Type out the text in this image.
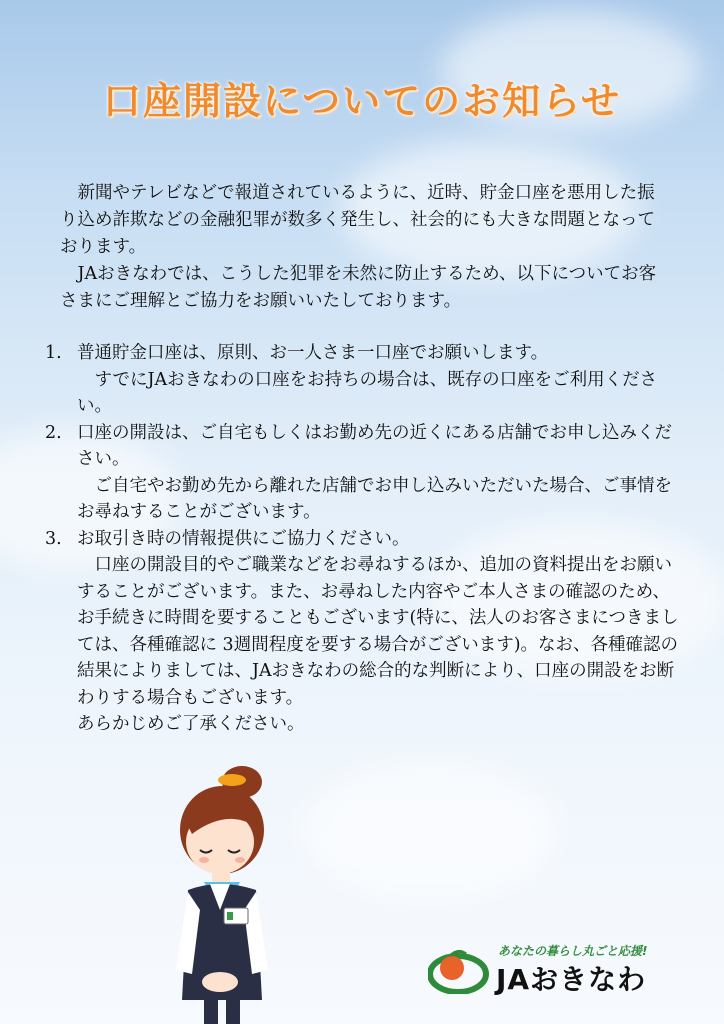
口座開設についてのお知らせ

新聞やテレビなどで報道されているように、近時、貯金口座を悪用した振り込め詐欺などの金融犯罪が数多く発生し、社会的にも大きな問題となっております。

JAおきなわでは、こうした犯罪を未然に防止するため、以下についてお客さまにご理解とご協力をお願いいたしております。

1. 普通貯金口座は、原則、お一人さま一口座でお願いします。

すでにJAおきなわの口座をお持ちの場合は、既存の口座をご利用ください。

2. 口座の開設は、ご自宅もしくはお勤め先の近くにある店舗でお申し込みください。

ご自宅やお勤め先から離れた店舗でお申し込みいただいた場合、ご事情をお尋ねすることがございます。

3. お取引き時の情報提供にご協力ください。

口座の開設目的やご職業などをお尋ねするほか、追加の資料提出をお願いすることがございます。また、お尋ねした内容やご本人さまの確認のため、お手続きに時間を要することもございます(特に、法人のお客さまにつきましては、各種確認に 3週間程度を要する場合がございます)。なお、各種確認の結果によりましては、JAおきなわの総合的な判断により、口座の開設をお断わりする場合もございます。

あらかじめご了承ください。

あなたの暮らし丸ごと応援!
JAおきなわ
